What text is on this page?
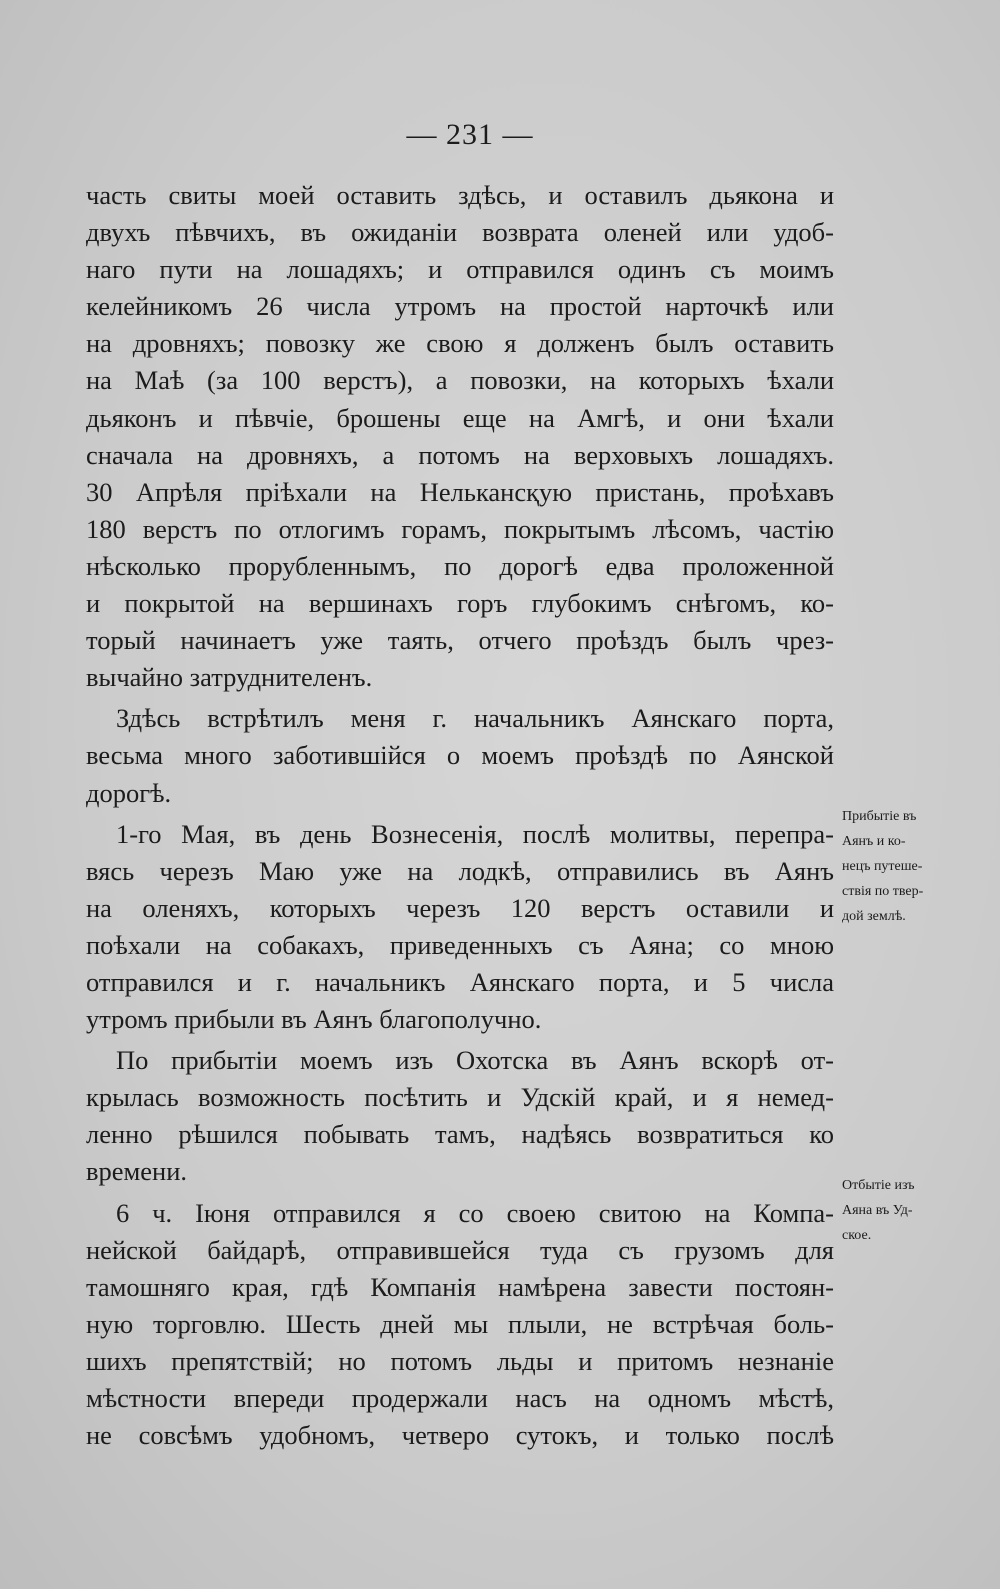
— 231 —
часть свиты моей оставить здѣсь, и оставилъ дьякона и
двухъ пѣвчихъ, въ ожиданіи возврата оленей или удоб-
наго пути на лошадяхъ; и отправился одинъ съ моимъ
келейникомъ 26 числа утромъ на простой нарточкѣ или
на дровняхъ; повозку же свою я долженъ былъ оставить
на Маѣ (за 100 верстъ), а повозки, на которыхъ ѣхали
дьяконъ и пѣвчіе, брошены еще на Амгѣ, и они ѣхали
сначала на дровняхъ, а потомъ на верховыхъ лошадяхъ.
30 Апрѣля пріѣхали на Нелькансқую пристань, проѣхавъ
180 верстъ по отлогимъ горамъ, покрытымъ лѣсомъ, частію
нѣсколько прорубленнымъ, по дорогѣ едва проложенной
и покрытой на вершинахъ горъ глубокимъ снѣгомъ, ко-
торый начинаетъ уже таять, отчего проѣздъ былъ чрез-
вычайно затруднителенъ.
Здѣсь встрѣтилъ меня г. начальникъ Аянскаго порта,
весьма много заботившійся о моемъ проѣздѣ по Аянской
дорогѣ.
1-го Мая, въ день Вознесенія, послѣ молитвы, перепра-
вясь черезъ Маю уже на лодкѣ, отправились въ Аянъ
на оленяхъ, которыхъ черезъ 120 верстъ оставили и
поѣхали на собакахъ, приведенныхъ съ Аяна; со мною
отправился и г. начальникъ Аянскаго порта, и 5 числа
утромъ прибыли въ Аянъ благополучно.
По прибытіи моемъ изъ Охотска въ Аянъ вскорѣ от-
крылась возможность посѣтить и Удскій край, и я немед-
ленно рѣшился побывать тамъ, надѣясь возвратиться ко
времени.
6 ч. Іюня отправился я со своею свитою на Компа-
нейской байдарѣ, отправившейся туда съ грузомъ для
тамошняго края, гдѣ Компанія намѣрена завести постоян-
ную торговлю. Шесть дней мы плыли, не встрѣчая боль-
шихъ препятствій; но потомъ льды и притомъ незнаніе
мѣстности впереди продержали насъ на одномъ мѣстѣ,
не совсѣмъ удобномъ, четверо сутокъ, и только послѣ
Прибытіе въ
Аянъ и ко-
нецъ путеше-
ствія по твер-
дой землѣ.
Отбытіе изъ
Аяна въ Уд-
ское.
